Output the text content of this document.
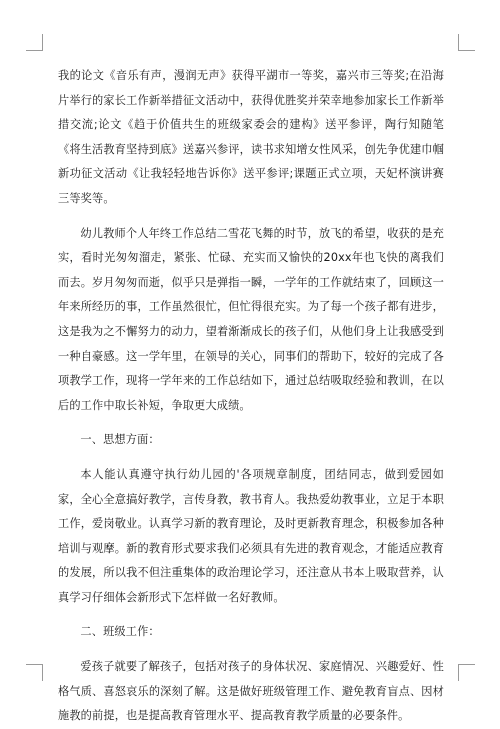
我的论文《音乐有声，漫润无声》获得平湖市一等奖，嘉兴市三等奖;在沿海片举行的家长工作新举措征文活动中，获得优胜奖并荣幸地参加家长工作新举措交流;论文《趋于价值共生的班级家委会的建构》送平参评，陶行知随笔《将生活教育坚持到底》送嘉兴参评，读书求知增女性风采，创先争优建巾帼新功征文活动《让我轻轻地告诉你》送平参评;课题正式立项，天妃杯演讲赛三等奖等。

幼儿教师个人年终工作总结二雪花飞舞的时节，放飞的希望，收获的是充实，看时光匆匆溜走，紧张、忙碌、充实而又愉快的20xx年也飞快的离我们而去。岁月匆匆而逝，似乎只是弹指一瞬，一学年的工作就结束了，回顾这一年来所经历的事，工作虽然很忙，但忙得很充实。为了每一个孩子都有进步，这是我为之不懈努力的动力，望着渐渐成长的孩子们，从他们身上让我感受到一种自豪感。这一学年里，在领导的关心，同事们的帮助下，较好的完成了各项教学工作，现将一学年来的工作总结如下，通过总结吸取经验和教训，在以后的工作中取长补短，争取更大成绩。

一、思想方面：

本人能认真遵守执行幼儿园的'各项规章制度，团结同志，做到爱园如家，全心全意搞好教学，言传身教，教书育人。我热爱幼教事业，立足于本职工作，爱岗敬业。认真学习新的教育理论，及时更新教育理念，积极参加各种培训与观摩。新的教育形式要求我们必须具有先进的教育观念，才能适应教育的发展，所以我不但注重集体的政治理论学习，还注意从书本上吸取营养，认真学习仔细体会新形式下怎样做一名好教师。

二、班级工作：

爱孩子就要了解孩子，包括对孩子的身体状况、家庭情况、兴趣爱好、性格气质、喜怒哀乐的深刻了解。这是做好班级管理工作、避免教育盲点、因材施教的前提，也是提高教育管理水平、提高教育教学质量的必要条件。
